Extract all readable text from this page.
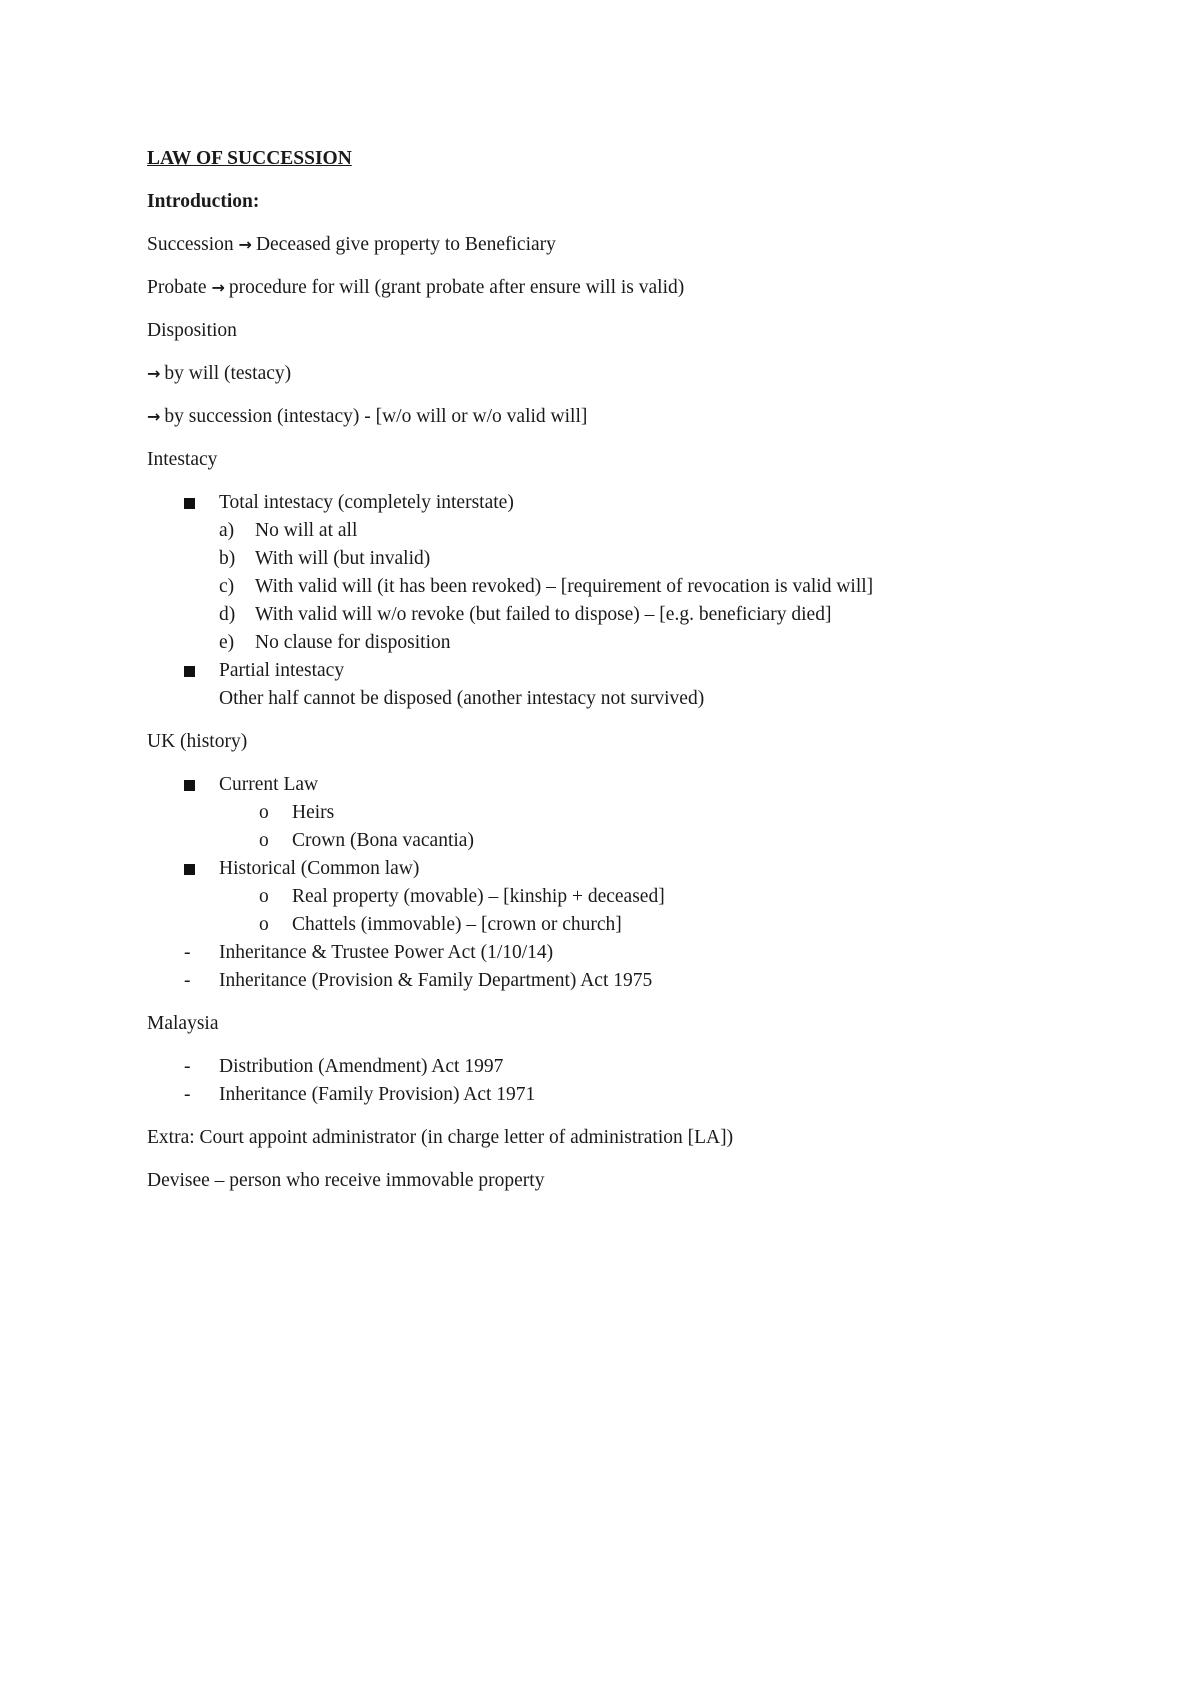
LAW OF SUCCESSION

Introduction:

Succession → Deceased give property to Beneficiary

Probate → procedure for will (grant probate after ensure will is valid)

Disposition

→ by will (testacy)

→ by succession (intestacy) - [w/o will or w/o valid will]

Intestacy

Total intestacy (completely interstate)
a) No will at all
b) With will (but invalid)
c) With valid will (it has been revoked) – [requirement of revocation is valid will]
d) With valid will w/o revoke (but failed to dispose) – [e.g. beneficiary died]
e) No clause for disposition
Partial intestacy
Other half cannot be disposed (another intestacy not survived)

UK (history)

Current Law
o Heirs
o Crown (Bona vacantia)
Historical (Common law)
o Real property (movable) – [kinship + deceased]
o Chattels (immovable) – [crown or church]
- Inheritance & Trustee Power Act (1/10/14)
- Inheritance (Provision & Family Department) Act 1975

Malaysia

- Distribution (Amendment) Act 1997
- Inheritance (Family Provision) Act 1971

Extra: Court appoint administrator (in charge letter of administration [LA])

Devisee – person who receive immovable property
